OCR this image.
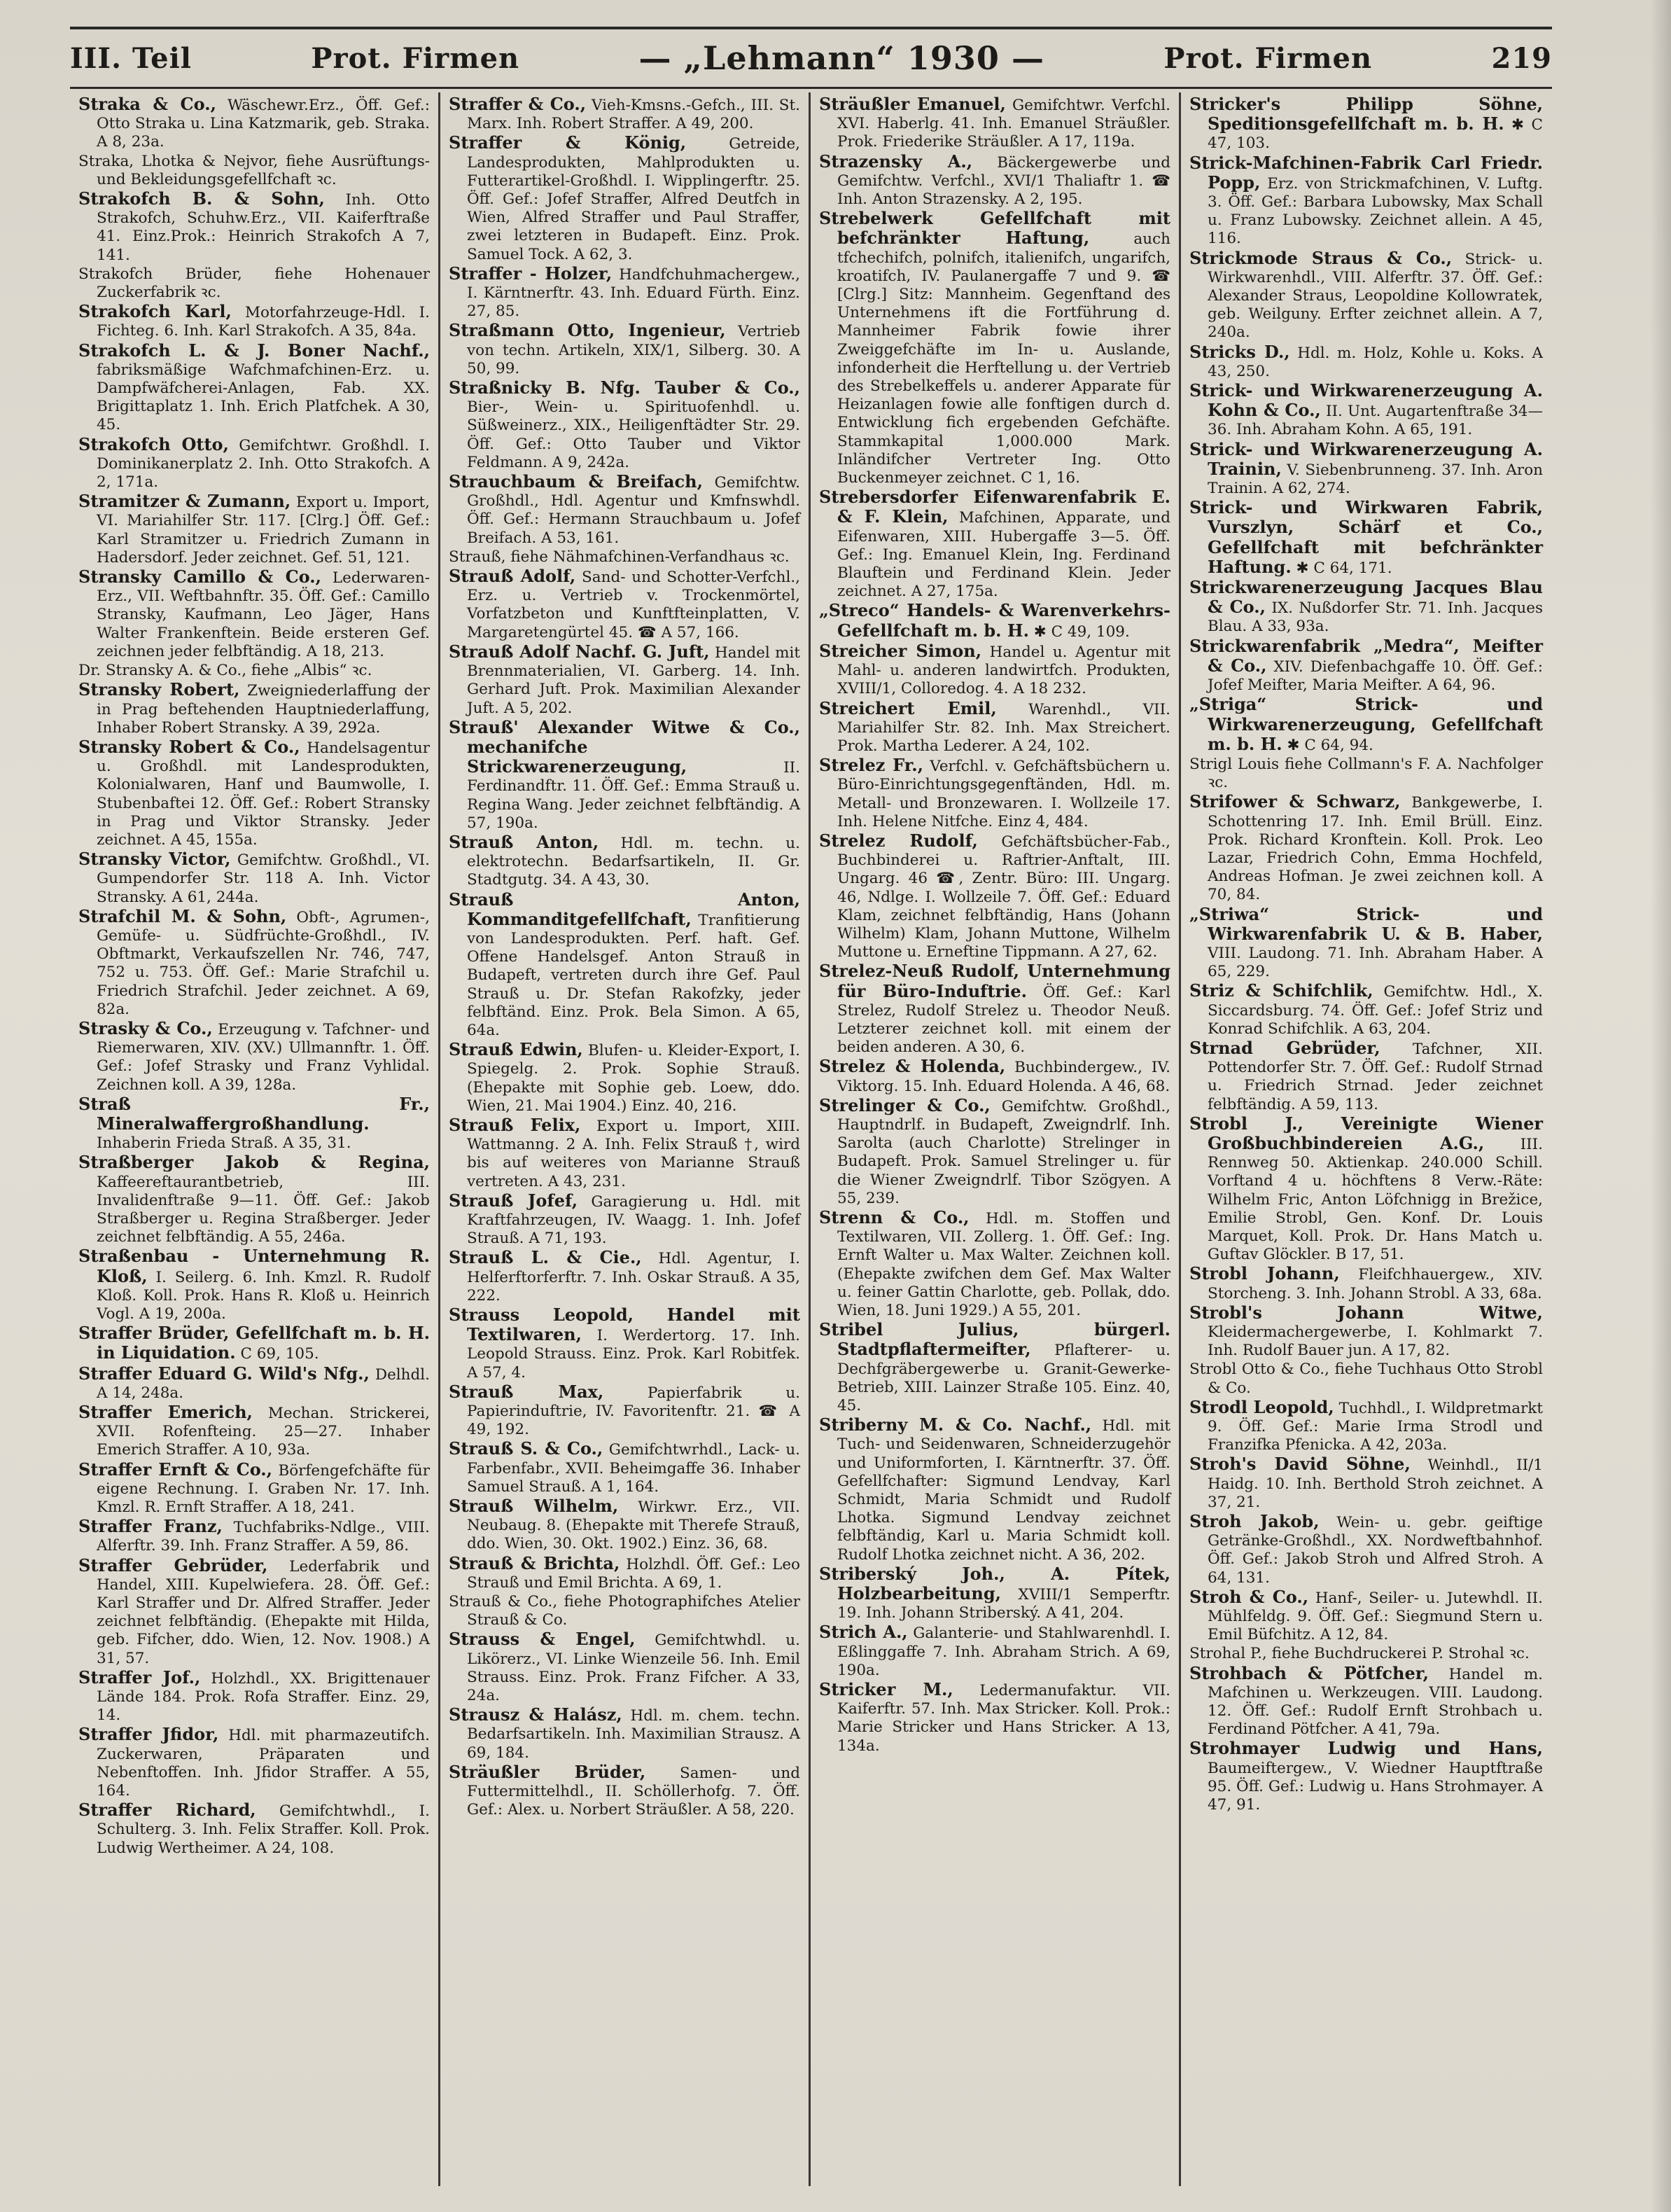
III. Teil	Prot. Firmen	— „Lehmann“ 1930 —	Prot. Firmen	219

Straka & Co., Wäschewr.Erz., Öff. Gef.: Otto Straka u. Lina Katzmarik, geb. Straka. A 8, 23a.

Straka, Lhotka & Nejvor, fiehe Ausrüftungs- und Bekleidungsgefellfchaft ꝛc.

Strakofch B. & Sohn, Inh. Otto Strakofch, Schuhw.Erz., VII. Kaiferftraße 41. Einz.Prok.: Heinrich Strakofch A 7, 141.

Strakofch Brüder, fiehe Hohenauer Zuckerfabrik ꝛc.

Strakofch Karl, Motorfahrzeuge-Hdl. I. Fichteg. 6. Inh. Karl Strakofch. A 35, 84a.

Strakofch L. & J. Boner Nachf., fabriksmäßige Wafchmafchinen-Erz. u. Dampfwäfcherei-Anlagen, Fab. XX. Brigittaplatz 1. Inh. Erich Platfchek. A 30, 45.

Strakofch Otto, Gemifchtwr. Großhdl. I. Dominikanerplatz 2. Inh. Otto Strakofch. A 2, 171a.

Stramitzer & Zumann, Export u. Import, VI. Mariahilfer Str. 117. [Clrg.] Öff. Gef.: Karl Stramitzer u. Friedrich Zumann in Hadersdorf. Jeder zeichnet. Gef. 51, 121.

Stransky Camillo & Co., Lederwaren-Erz., VII. Weftbahnftr. 35. Öff. Gef.: Camillo Stransky, Kaufmann, Leo Jäger, Hans Walter Frankenftein. Beide ersteren Gef. zeichnen jeder felbftändig. A 18, 213.

Dr. Stransky A. & Co., fiehe „Albis“ ꝛc.

Stransky Robert, Zweigniederlaffung der in Prag beftehenden Hauptniederlaffung, Inhaber Robert Stransky. A 39, 292a.

Stransky Robert & Co., Handelsagentur u. Großhdl. mit Landesprodukten, Kolonialwaren, Hanf und Baumwolle, I. Stubenbaftei 12. Öff. Gef.: Robert Stransky in Prag und Viktor Stransky. Jeder zeichnet. A 45, 155a.

Stransky Victor, Gemifchtw. Großhdl., VI. Gumpendorfer Str. 118 A. Inh. Victor Stransky. A 61, 244a.

Strafchil M. & Sohn, Obft-, Agrumen-, Gemüfe- u. Südfrüchte-Großhdl., IV. Obftmarkt, Verkaufszellen Nr. 746, 747, 752 u. 753. Öff. Gef.: Marie Strafchil u. Friedrich Strafchil. Jeder zeichnet. A 69, 82a.

Strasky & Co., Erzeugung v. Tafchner- und Riemerwaren, XIV. (XV.) Ullmannftr. 1. Öff. Gef.: Jofef Strasky und Franz Vyhlidal. Zeichnen koll. A 39, 128a.

Straß Fr., Mineralwaffergroßhandlung. Inhaberin Frieda Straß. A 35, 31.

Straßberger Jakob & Regina, Kaffeereftaurantbetrieb, III. Invalidenftraße 9—11. Öff. Gef.: Jakob Straßberger u. Regina Straßberger. Jeder zeichnet felbftändig. A 55, 246a.

Straßenbau - Unternehmung R. Kloß, I. Seilerg. 6. Inh. Kmzl. R. Rudolf Kloß. Koll. Prok. Hans R. Kloß u. Heinrich Vogl. A 19, 200a.

Straffer Brüder, Gefellfchaft m. b. H. in Liquidation. C 69, 105.

Straffer Eduard G. Wild's Nfg., Delhdl. A 14, 248a.

Straffer Emerich, Mechan. Strickerei, XVII. Rofenfteing. 25—27. Inhaber Emerich Straffer. A 10, 93a.

Straffer Ernft & Co., Börfengefchäfte für eigene Rechnung. I. Graben Nr. 17. Inh. Kmzl. R. Ernft Straffer. A 18, 241.

Straffer Franz, Tuchfabriks-Ndlge., VIII. Alferftr. 39. Inh. Franz Straffer. A 59, 86.

Straffer Gebrüder, Lederfabrik und Handel, XIII. Kupelwiefera. 28. Öff. Gef.: Karl Straffer und Dr. Alfred Straffer. Jeder zeichnet felbftändig. (Ehepakte mit Hilda, geb. Fifcher, ddo. Wien, 12. Nov. 1908.) A 31, 57.

Straffer Jof., Holzhdl., XX. Brigittenauer Lände 184. Prok. Rofa Straffer. Einz. 29, 14.

Straffer Jfidor, Hdl. mit pharmazeutifch. Zuckerwaren, Präparaten und Nebenftoffen. Inh. Jfidor Straffer. A 55, 164.

Straffer Richard, Gemifchtwhdl., I. Schulterg. 3. Inh. Felix Straffer. Koll. Prok. Ludwig Wertheimer. A 24, 108.

Straffer & Co., Vieh-Kmsns.-Gefch., III. St. Marx. Inh. Robert Straffer. A 49, 200.

Straffer & König, Getreide, Landesprodukten, Mahlprodukten u. Futterartikel-Großhdl. I. Wipplingerftr. 25. Öff. Gef.: Jofef Straffer, Alfred Deutfch in Wien, Alfred Straffer und Paul Straffer, zwei letzteren in Budapeft. Einz. Prok. Samuel Tock. A 62, 3.

Straffer - Holzer, Handfchuhmachergew., I. Kärntnerftr. 43. Inh. Eduard Fürth. Einz. 27, 85.

Straßmann Otto, Ingenieur, Vertrieb von techn. Artikeln, XIX/1, Silberg. 30. A 50, 99.

Straßnicky B. Nfg. Tauber & Co., Bier-, Wein- u. Spirituofenhdl. u. Süßweinerz., XIX., Heiligenftädter Str. 29. Öff. Gef.: Otto Tauber und Viktor Feldmann. A 9, 242a.

Strauchbaum & Breifach, Gemifchtw. Großhdl., Hdl. Agentur und Kmfnswhdl. Öff. Gef.: Hermann Strauchbaum u. Jofef Breifach. A 53, 161.

Strauß, fiehe Nähmafchinen-Verfandhaus ꝛc.

Strauß Adolf, Sand- und Schotter-Verfchl., Erz. u. Vertrieb v. Trockenmörtel, Vorfatzbeton und Kunftfteinplatten, V. Margaretengürtel 45. ☎ A 57, 166.

Strauß Adolf Nachf. G. Juft, Handel mit Brennmaterialien, VI. Garberg. 14. Inh. Gerhard Juft. Prok. Maximilian Alexander Juft. A 5, 202.

Strauß' Alexander Witwe & Co., mechanifche Strickwarenerzeugung, II. Ferdinandftr. 11. Öff. Gef.: Emma Strauß u. Regina Wang. Jeder zeichnet felbftändig. A 57, 190a.

Strauß Anton, Hdl. m. techn. u. elektrotechn. Bedarfsartikeln, II. Gr. Stadtgutg. 34. A 43, 30.

Strauß Anton, Kommanditgefellfchaft, Tranfitierung von Landesprodukten. Perf. haft. Gef. Offene Handelsgef. Anton Strauß in Budapeft, vertreten durch ihre Gef. Paul Strauß u. Dr. Stefan Rakofzky, jeder felbftänd. Einz. Prok. Bela Simon. A 65, 64a.

Strauß Edwin, Blufen- u. Kleider-Export, I. Spiegelg. 2. Prok. Sophie Strauß. (Ehepakte mit Sophie geb. Loew, ddo. Wien, 21. Mai 1904.) Einz. 40, 216.

Strauß Felix, Export u. Import, XIII. Wattmanng. 2 A. Inh. Felix Strauß †, wird bis auf weiteres von Marianne Strauß vertreten. A 43, 231.

Strauß Jofef, Garagierung u. Hdl. mit Kraftfahrzeugen, IV. Waagg. 1. Inh. Jofef Strauß. A 71, 193.

Strauß L. & Cie., Hdl. Agentur, I. Helferftorferftr. 7. Inh. Oskar Strauß. A 35, 222.

Strauss Leopold, Handel mit Textilwaren, I. Werdertorg. 17. Inh. Leopold Strauss. Einz. Prok. Karl Robitfek. A 57, 4.

Strauß Max, Papierfabrik u. Papierinduftrie, IV. Favoritenftr. 21. ☎ A 49, 192.

Strauß S. & Co., Gemifchtwrhdl., Lack- u. Farbenfabr., XVII. Beheimgaffe 36. Inhaber Samuel Strauß. A 1, 164.

Strauß Wilhelm, Wirkwr. Erz., VII. Neubaug. 8. (Ehepakte mit Therefe Strauß, ddo. Wien, 30. Okt. 1902.) Einz. 36, 68.

Strauß & Brichta, Holzhdl. Öff. Gef.: Leo Strauß und Emil Brichta. A 69, 1.

Strauß & Co., fiehe Photographifches Atelier Strauß & Co.

Strauss & Engel, Gemifchtwhdl. u. Likörerz., VI. Linke Wienzeile 56. Inh. Emil Strauss. Einz. Prok. Franz Fifcher. A 33, 24a.

Strausz & Halász, Hdl. m. chem. techn. Bedarfsartikeln. Inh. Maximilian Strausz. A 69, 184.

Sträußler Brüder, Samen- und Futtermittelhdl., II. Schöllerhofg. 7. Öff. Gef.: Alex. u. Norbert Sträußler. A 58, 220.

Sträußler Emanuel, Gemifchtwr. Verfchl. XVI. Haberlg. 41. Inh. Emanuel Sträußler. Prok. Friederike Sträußler. A 17, 119a.

Strazensky A., Bäckergewerbe und Gemifchtw. Verfchl., XVI/1 Thaliaftr 1. ☎ Inh. Anton Strazensky. A 2, 195.

Strebelwerk Gefellfchaft mit befchränkter Haftung, auch tfchechifch, polnifch, italienifch, ungarifch, kroatifch, IV. Paulanergaffe 7 und 9. ☎ [Clrg.] Sitz: Mannheim. Gegenftand des Unternehmens ift die Fortführung d. Mannheimer Fabrik fowie ihrer Zweiggefchäfte im In- u. Auslande, infonderheit die Herftellung u. der Vertrieb des Strebelkeffels u. anderer Apparate für Heizanlagen fowie alle fonftigen durch d. Entwicklung fich ergebenden Gefchäfte. Stammkapital 1,000.000 Mark. Inländifcher Vertreter Ing. Otto Buckenmeyer zeichnet. C 1, 16.

Strebersdorfer Eifenwarenfabrik E. & F. Klein, Mafchinen, Apparate, und Eifenwaren, XIII. Hubergaffe 3—5. Öff. Gef.: Ing. Emanuel Klein, Ing. Ferdinand Blauftein und Ferdinand Klein. Jeder zeichnet. A 27, 175a.

„Streco“ Handels- & Warenverkehrs-Gefellfchaft m. b. H. ✱ C 49, 109.

Streicher Simon, Handel u. Agentur mit Mahl- u. anderen landwirtfch. Produkten, XVIII/1, Colloredog. 4. A 18 232.

Streichert Emil, Warenhdl., VII. Mariahilfer Str. 82. Inh. Max Streichert. Prok. Martha Lederer. A 24, 102.

Strelez Fr., Verfchl. v. Gefchäftsbüchern u. Büro-Einrichtungsgegenftänden, Hdl. m. Metall- und Bronzewaren. I. Wollzeile 17. Inh. Helene Nitfche. Einz 4, 484.

Strelez Rudolf, Gefchäftsbücher-Fab., Buchbinderei u. Raftrier-Anftalt, III. Ungarg. 46 ☎, Zentr. Büro: III. Ungarg. 46, Ndlge. I. Wollzeile 7. Öff. Gef.: Eduard Klam, zeichnet felbftändig, Hans (Johann Wilhelm) Klam, Johann Muttone, Wilhelm Muttone u. Erneftine Tippmann. A 27, 62.

Strelez-Neuß Rudolf, Unternehmung für Büro-Induftrie. Öff. Gef.: Karl Strelez, Rudolf Strelez u. Theodor Neuß. Letzterer zeichnet koll. mit einem der beiden anderen. A 30, 6.

Strelez & Holenda, Buchbindergew., IV. Viktorg. 15. Inh. Eduard Holenda. A 46, 68.

Strelinger & Co., Gemifchtw. Großhdl., Hauptndrlf. in Budapeft, Zweigndrlf. Inh. Sarolta (auch Charlotte) Strelinger in Budapeft. Prok. Samuel Strelinger u. für die Wiener Zweigndrlf. Tibor Szögyen. A 55, 239.

Strenn & Co., Hdl. m. Stoffen und Textilwaren, VII. Zollerg. 1. Öff. Gef.: Ing. Ernft Walter u. Max Walter. Zeichnen koll. (Ehepakte zwifchen dem Gef. Max Walter u. feiner Gattin Charlotte, geb. Pollak, ddo. Wien, 18. Juni 1929.) A 55, 201.

Stribel Julius, bürgerl. Stadtpflaftermeifter, Pflafterer- u. Dechfgräbergewerbe u. Granit-Gewerke-Betrieb, XIII. Lainzer Straße 105. Einz. 40, 45.

Striberny M. & Co. Nachf., Hdl. mit Tuch- und Seidenwaren, Schneiderzugehör und Uniformforten, I. Kärntnerftr. 37. Öff. Gefellfchafter: Sigmund Lendvay, Karl Schmidt, Maria Schmidt und Rudolf Lhotka. Sigmund Lendvay zeichnet felbftändig, Karl u. Maria Schmidt koll. Rudolf Lhotka zeichnet nicht. A 36, 202.

Striberský Joh., A. Pítek, Holzbearbeitung, XVIII/1 Semperftr. 19. Inh. Johann Striberský. A 41, 204.

Strich A., Galanterie- und Stahlwarenhdl. I. Eßlinggaffe 7. Inh. Abraham Strich. A 69, 190a.

Stricker M., Ledermanufaktur. VII. Kaiferftr. 57. Inh. Max Stricker. Koll. Prok.: Marie Stricker und Hans Stricker. A 13, 134a.

Stricker's Philipp Söhne, Speditionsgefellfchaft m. b. H. ✱ C 47, 103.

Strick-Mafchinen-Fabrik Carl Friedr. Popp, Erz. von Strickmafchinen, V. Luftg. 3. Öff. Gef.: Barbara Lubowsky, Max Schall u. Franz Lubowsky. Zeichnet allein. A 45, 116.

Strickmode Straus & Co., Strick- u. Wirkwarenhdl., VIII. Alferftr. 37. Öff. Gef.: Alexander Straus, Leopoldine Kollowratek, geb. Weilguny. Erfter zeichnet allein. A 7, 240a.

Stricks D., Hdl. m. Holz, Kohle u. Koks. A 43, 250.

Strick- und Wirkwarenerzeugung A. Kohn & Co., II. Unt. Augartenftraße 34—36. Inh. Abraham Kohn. A 65, 191.

Strick- und Wirkwarenerzeugung A. Trainin, V. Siebenbrunneng. 37. Inh. Aron Trainin. A 62, 274.

Strick- und Wirkwaren Fabrik, Vurszlyn, Schärf et Co., Gefellfchaft mit befchränkter Haftung. ✱ C 64, 171.

Strickwarenerzeugung Jacques Blau & Co., IX. Nußdorfer Str. 71. Inh. Jacques Blau. A 33, 93a.

Strickwarenfabrik „Medra“, Meifter & Co., XIV. Diefenbachgaffe 10. Öff. Gef.: Jofef Meifter, Maria Meifter. A 64, 96.

„Striga“ Strick- und Wirkwarenerzeugung, Gefellfchaft m. b. H. ✱ C 64, 94.

Strigl Louis fiehe Collmann's F. A. Nachfolger ꝛc.

Strifower & Schwarz, Bankgewerbe, I. Schottenring 17. Inh. Emil Brüll. Einz. Prok. Richard Kronftein. Koll. Prok. Leo Lazar, Friedrich Cohn, Emma Hochfeld, Andreas Hofman. Je zwei zeichnen koll. A 70, 84.

„Striwa“ Strick- und Wirkwarenfabrik U. & B. Haber, VIII. Laudong. 71. Inh. Abraham Haber. A 65, 229.

Striz & Schifchlik, Gemifchtw. Hdl., X. Siccardsburg. 74. Öff. Gef.: Jofef Striz und Konrad Schifchlik. A 63, 204.

Strnad Gebrüder, Tafchner, XII. Pottendorfer Str. 7. Öff. Gef.: Rudolf Strnad u. Friedrich Strnad. Jeder zeichnet felbftändig. A 59, 113.

Strobl J., Vereinigte Wiener Großbuchbindereien A.G., III. Rennweg 50. Aktienkap. 240.000 Schill. Vorftand 4 u. höchftens 8 Verw.-Räte: Wilhelm Fric, Anton Löfchnigg in Brežice, Emilie Strobl, Gen. Konf. Dr. Louis Marquet, Koll. Prok. Dr. Hans Match u. Guftav Glöckler. B 17, 51.

Strobl Johann, Fleifchhauergew., XIV. Storcheng. 3. Inh. Johann Strobl. A 33, 68a.

Strobl's Johann Witwe, Kleidermachergewerbe, I. Kohlmarkt 7. Inh. Rudolf Bauer jun. A 17, 82.

Strobl Otto & Co., fiehe Tuchhaus Otto Strobl & Co.

Strodl Leopold, Tuchhdl., I. Wildpretmarkt 9. Öff. Gef.: Marie Irma Strodl und Franzifka Pfenicka. A 42, 203a.

Stroh's David Söhne, Weinhdl., II/1 Haidg. 10. Inh. Berthold Stroh zeichnet. A 37, 21.

Stroh Jakob, Wein- u. gebr. geiftige Getränke-Großhdl., XX. Nordweftbahnhof. Öff. Gef.: Jakob Stroh und Alfred Stroh. A 64, 131.

Stroh & Co., Hanf-, Seiler- u. Jutewhdl. II. Mühlfeldg. 9. Öff. Gef.: Siegmund Stern u. Emil Büfchitz. A 12, 84.

Strohal P., fiehe Buchdruckerei P. Strohal ꝛc.

Strohbach & Pötfcher, Handel m. Mafchinen u. Werkzeugen. VIII. Laudong. 12. Öff. Gef.: Rudolf Ernft Strohbach u. Ferdinand Pötfcher. A 41, 79a.

Strohmayer Ludwig und Hans, Baumeiftergew., V. Wiedner Hauptftraße 95. Öff. Gef.: Ludwig u. Hans Strohmayer. A 47, 91.
